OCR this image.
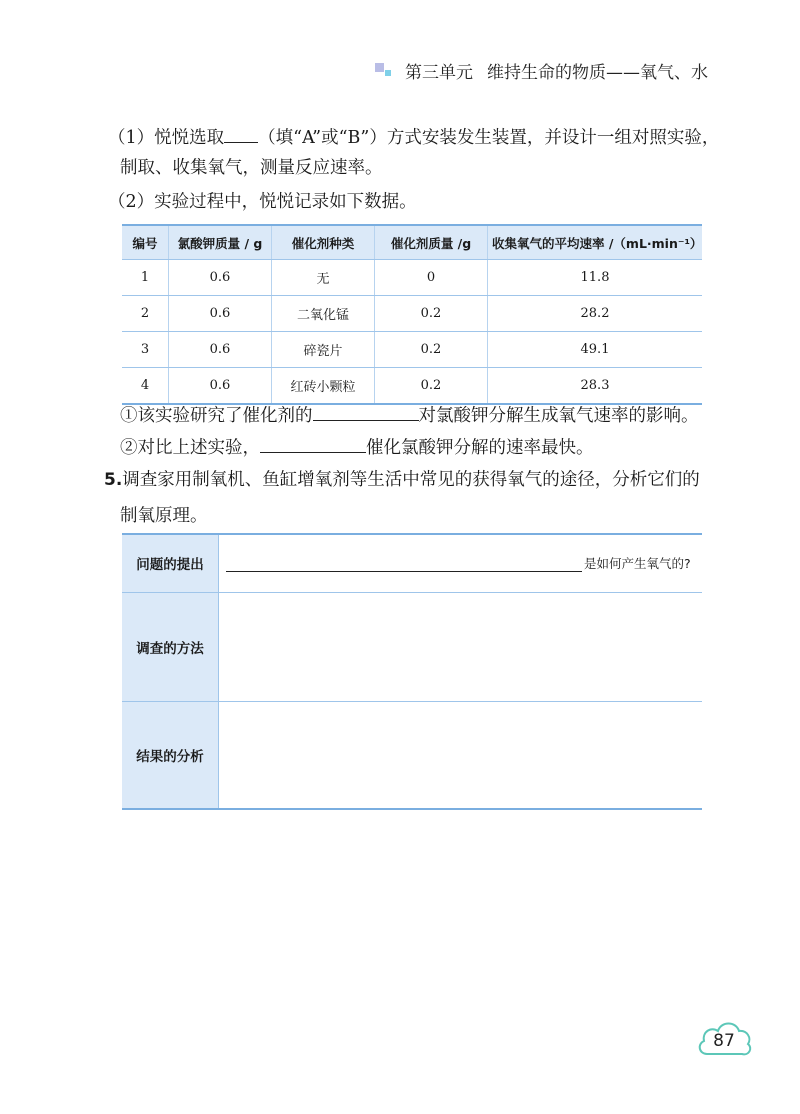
第三单元 维持生命的物质——氧气、水

（1）悦悦选取 （填“A”或“B”）方式安装发生装置，并设计一组对照实验，

制取、收集氧气，测量反应速率。

（2）实验过程中，悦悦记录如下数据。

编号	氯酸钾质量 / g	催化剂种类	催化剂质量 /g	收集氧气的平均速率 /（mL·min⁻¹）
1	0.6	无	0	11.8
2	0.6	二氧化锰	0.2	28.2
3	0.6	碎瓷片	0.2	49.1
4	0.6	红砖小颗粒	0.2	28.3

①该实验研究了催化剂的	对氯酸钾分解生成氧气速率的影响。

②对比上述实验，	催化氯酸钾分解的速率最快。

5.调查家用制氧机、鱼缸增氧剂等生活中常见的获得氧气的途径，分析它们的

制氧原理。

问题的提出	是如何产生氧气的?
调查的方法	
结果的分析	
87
